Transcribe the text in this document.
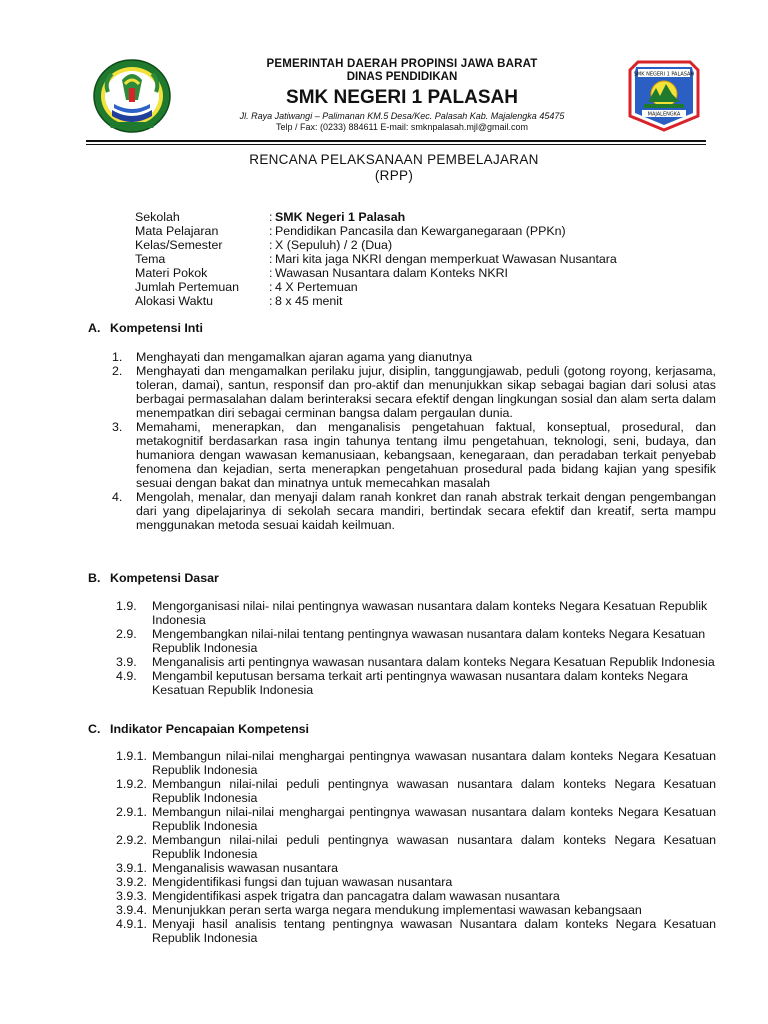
PEMERINTAH DAERAH PROPINSI JAWA BARAT
DINAS PENDIDIKAN
SMK NEGERI 1 PALASAH
Jl. Raya Jatiwangi – Palimanan KM.5 Desa/Kec. Palasah Kab. Majalengka 45475
Telp / Fax: (0233) 884611 E-mail: smknpalasah.mjl@gmail.com
SMK NEGERI 1 PALASAH
MAJALENGKA
RENCANA PELAKSANAAN PEMBELAJARAN
(RPP)
Sekolah	: SMK Negeri 1 Palasah
Mata Pelajaran	: Pendidikan Pancasila dan Kewarganegaraan (PPKn)
Kelas/Semester	: X (Sepuluh) / 2 (Dua)
Tema	: Mari kita jaga NKRI dengan memperkuat Wawasan Nusantara
Materi Pokok	: Wawasan Nusantara dalam Konteks NKRI
Jumlah Pertemuan	: 4 X Pertemuan
Alokasi Waktu	: 8 x 45 menit
A. Kompetensi Inti
1.	Menghayati dan mengamalkan ajaran agama yang dianutnya
2.	Menghayati dan mengamalkan perilaku jujur, disiplin, tanggungjawab, peduli (gotong royong, kerjasama, toleran, damai), santun, responsif dan pro-aktif dan menunjukkan sikap sebagai bagian dari solusi atas berbagai permasalahan dalam berinteraksi secara efektif dengan lingkungan sosial dan alam serta dalam menempatkan diri sebagai cerminan bangsa dalam pergaulan dunia.
3.	Memahami, menerapkan, dan menganalisis pengetahuan faktual, konseptual, prosedural, dan metakognitif berdasarkan rasa ingin tahunya tentang ilmu pengetahuan, teknologi, seni, budaya, dan humaniora dengan wawasan kemanusiaan, kebangsaan, kenegaraan, dan peradaban terkait penyebab fenomena dan kejadian, serta menerapkan pengetahuan prosedural pada bidang kajian yang spesifik sesuai dengan bakat dan minatnya untuk memecahkan masalah
4.	Mengolah, menalar, dan menyaji dalam ranah konkret dan ranah abstrak terkait dengan pengembangan dari yang dipelajarinya di sekolah secara mandiri, bertindak secara efektif dan kreatif, serta mampu menggunakan metoda sesuai kaidah keilmuan.
B. Kompetensi Dasar
1.9.	Mengorganisasi nilai- nilai pentingnya wawasan nusantara dalam konteks Negara Kesatuan Republik Indonesia
2.9.	Mengembangkan nilai-nilai tentang pentingnya wawasan nusantara dalam konteks Negara Kesatuan Republik Indonesia
3.9.	Menganalisis arti pentingnya wawasan nusantara dalam konteks Negara Kesatuan Republik Indonesia
4.9.	Mengambil keputusan bersama terkait arti pentingnya wawasan nusantara dalam konteks Negara Kesatuan Republik Indonesia
C. Indikator Pencapaian Kompetensi
1.9.1. Membangun nilai-nilai menghargai pentingnya wawasan nusantara dalam konteks Negara Kesatuan Republik Indonesia
1.9.2. Membangun nilai-nilai peduli pentingnya wawasan nusantara dalam konteks Negara Kesatuan Republik Indonesia
2.9.1. Membangun nilai-nilai menghargai pentingnya wawasan nusantara dalam konteks Negara Kesatuan Republik Indonesia
2.9.2. Membangun nilai-nilai peduli pentingnya wawasan nusantara dalam konteks Negara Kesatuan Republik Indonesia
3.9.1. Menganalisis wawasan nusantara
3.9.2. Mengidentifikasi fungsi dan tujuan wawasan nusantara
3.9.3. Mengidentifikasi aspek trigatra dan pancagatra dalam wawasan nusantara
3.9.4. Menunjukkan peran serta warga negara mendukung implementasi wawasan kebangsaan
4.9.1. Menyaji hasil analisis tentang pentingnya wawasan Nusantara dalam konteks Negara Kesatuan Republik Indonesia
